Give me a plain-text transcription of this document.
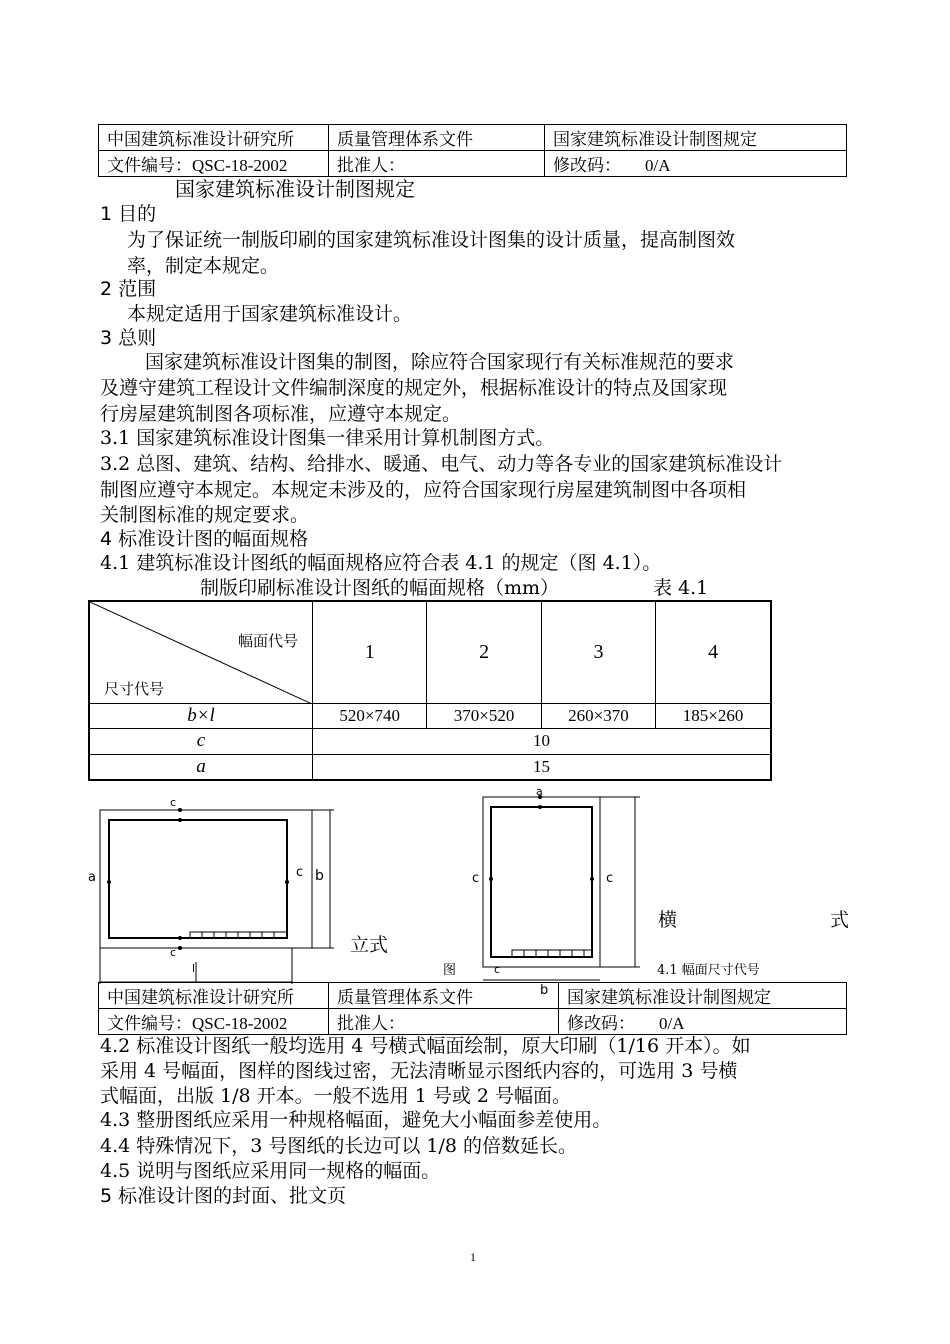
中国建筑标准设计研究所	质量管理体系文件	国家建筑标准设计制图规定
文件编号：QSC-18-2002	批准人：	修改码： 0/A
国家建筑标准设计制图规定
1 目的
为了保证统一制版印刷的国家建筑标准设计图集的设计质量，提高制图效
率，制定本规定。
2 范围
本规定适用于国家建筑标准设计。
3 总则
国家建筑标准设计图集的制图，除应符合国家现行有关标准规范的要求
及遵守建筑工程设计文件编制深度的规定外，根据标准设计的特点及国家现
行房屋建筑制图各项标准，应遵守本规定。
3.1 国家建筑标准设计图集一律采用计算机制图方式。
3.2 总图、建筑、结构、给排水、暖通、电气、动力等各专业的国家建筑标准设计
制图应遵守本规定。本规定未涉及的，应符合国家现行房屋建筑制图中各项相
关制图标准的规定要求。
4 标准设计图的幅面规格
4.1 建筑标准设计图纸的幅面规格应符合表 4.1 的规定（图 4.1）。
制版印刷标准设计图纸的幅面规格（mm）	表 4.1
幅面代号
尺寸代号	1	2	3	4
b×l	520×740	370×520	260×370	185×260
c	10			
a	15			
c
a	c b
c
l
a
c	c
c
b
立式
横	式
图	4.1 幅面尺寸代号
中国建筑标准设计研究所	质量管理体系文件	国家建筑标准设计制图规定
文件编号：QSC-18-2002	批准人：	修改码： 0/A
4.2 标准设计图纸一般均选用 4 号横式幅面绘制，原大印刷（1/16 开本）。如
采用 4 号幅面，图样的图线过密，无法清晰显示图纸内容的，可选用 3 号横
式幅面，出版 1/8 开本。一般不选用 1 号或 2 号幅面。
4.3 整册图纸应采用一种规格幅面，避免大小幅面参差使用。
4.4 特殊情况下，3 号图纸的长边可以 1/8 的倍数延长。
4.5 说明与图纸应采用同一规格的幅面。
5 标准设计图的封面、批文页
1
